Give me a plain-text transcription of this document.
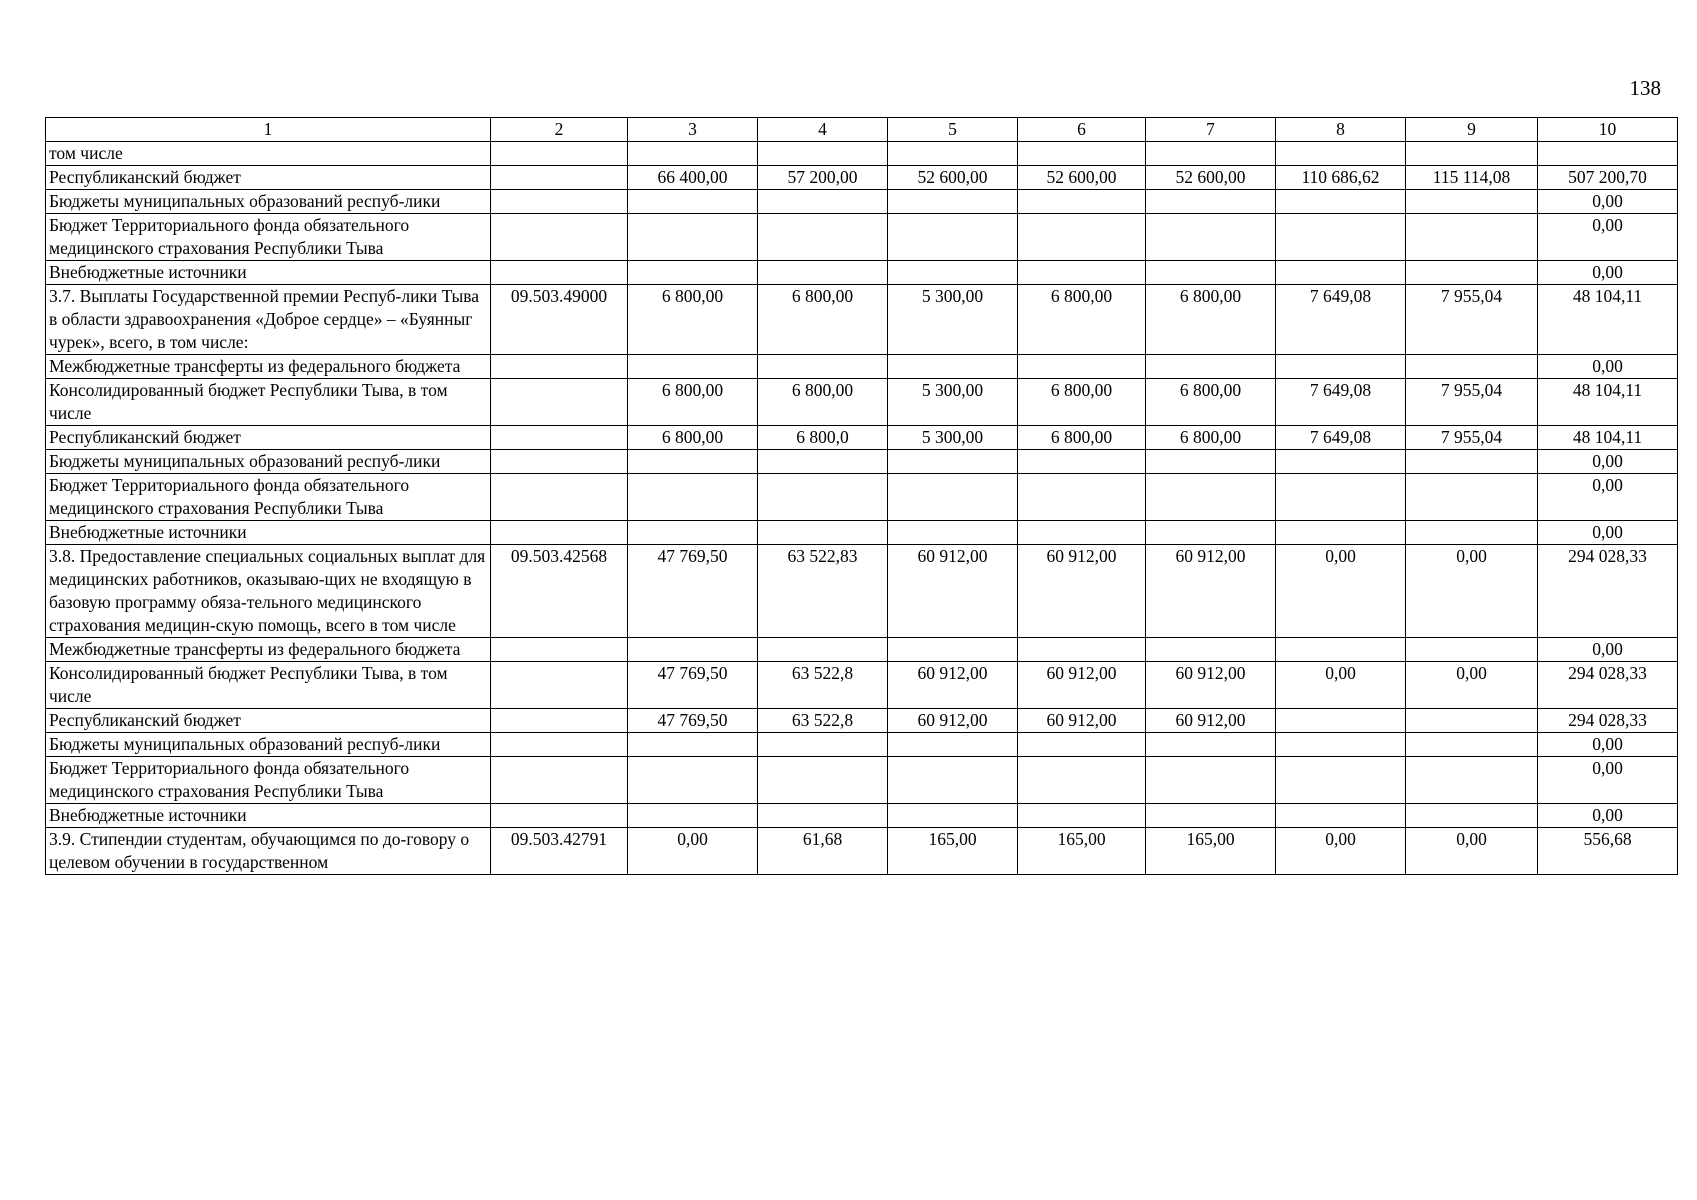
138
1	2	3	4	5	6	7	8	9	10
том числе									
Республиканский бюджет		66 400,00	57 200,00	52 600,00	52 600,00	52 600,00	110 686,62	115 114,08	507 200,70
Бюджеты муниципальных образований респуб-лики									0,00
Бюджет Территориального фонда обязательного медицинского страхования Республики Тыва									0,00
Внебюджетные источники									0,00
3.7. Выплаты Государственной премии Респуб-лики Тыва в области здравоохранения «Доброе сердце» – «Буянныг чурек», всего, в том числе:	09.503.49000	6 800,00	6 800,00	5 300,00	6 800,00	6 800,00	7 649,08	7 955,04	48 104,11
Межбюджетные трансферты из федерального бюджета									0,00
Консолидированный бюджет Республики Тыва, в том числе		6 800,00	6 800,00	5 300,00	6 800,00	6 800,00	7 649,08	7 955,04	48 104,11
Республиканский бюджет		6 800,00	6 800,0	5 300,00	6 800,00	6 800,00	7 649,08	7 955,04	48 104,11
Бюджеты муниципальных образований респуб-лики									0,00
Бюджет Территориального фонда обязательного медицинского страхования Республики Тыва									0,00
Внебюджетные источники									0,00
3.8. Предоставление специальных социальных выплат для медицинских работников, оказываю-щих не входящую в базовую программу обяза-тельного медицинского страхования медицин-скую помощь, всего в том числе	09.503.42568	47 769,50	63 522,83	60 912,00	60 912,00	60 912,00	0,00	0,00	294 028,33
Межбюджетные трансферты из федерального бюджета									0,00
Консолидированный бюджет Республики Тыва, в том числе		47 769,50	63 522,8	60 912,00	60 912,00	60 912,00	0,00	0,00	294 028,33
Республиканский бюджет		47 769,50	63 522,8	60 912,00	60 912,00	60 912,00			294 028,33
Бюджеты муниципальных образований респуб-лики									0,00
Бюджет Территориального фонда обязательного медицинского страхования Республики Тыва									0,00
Внебюджетные источники									0,00
3.9. Стипендии студентам, обучающимся по до-говору о целевом обучении в государственном	09.503.42791	0,00	61,68	165,00	165,00	165,00	0,00	0,00	556,68
